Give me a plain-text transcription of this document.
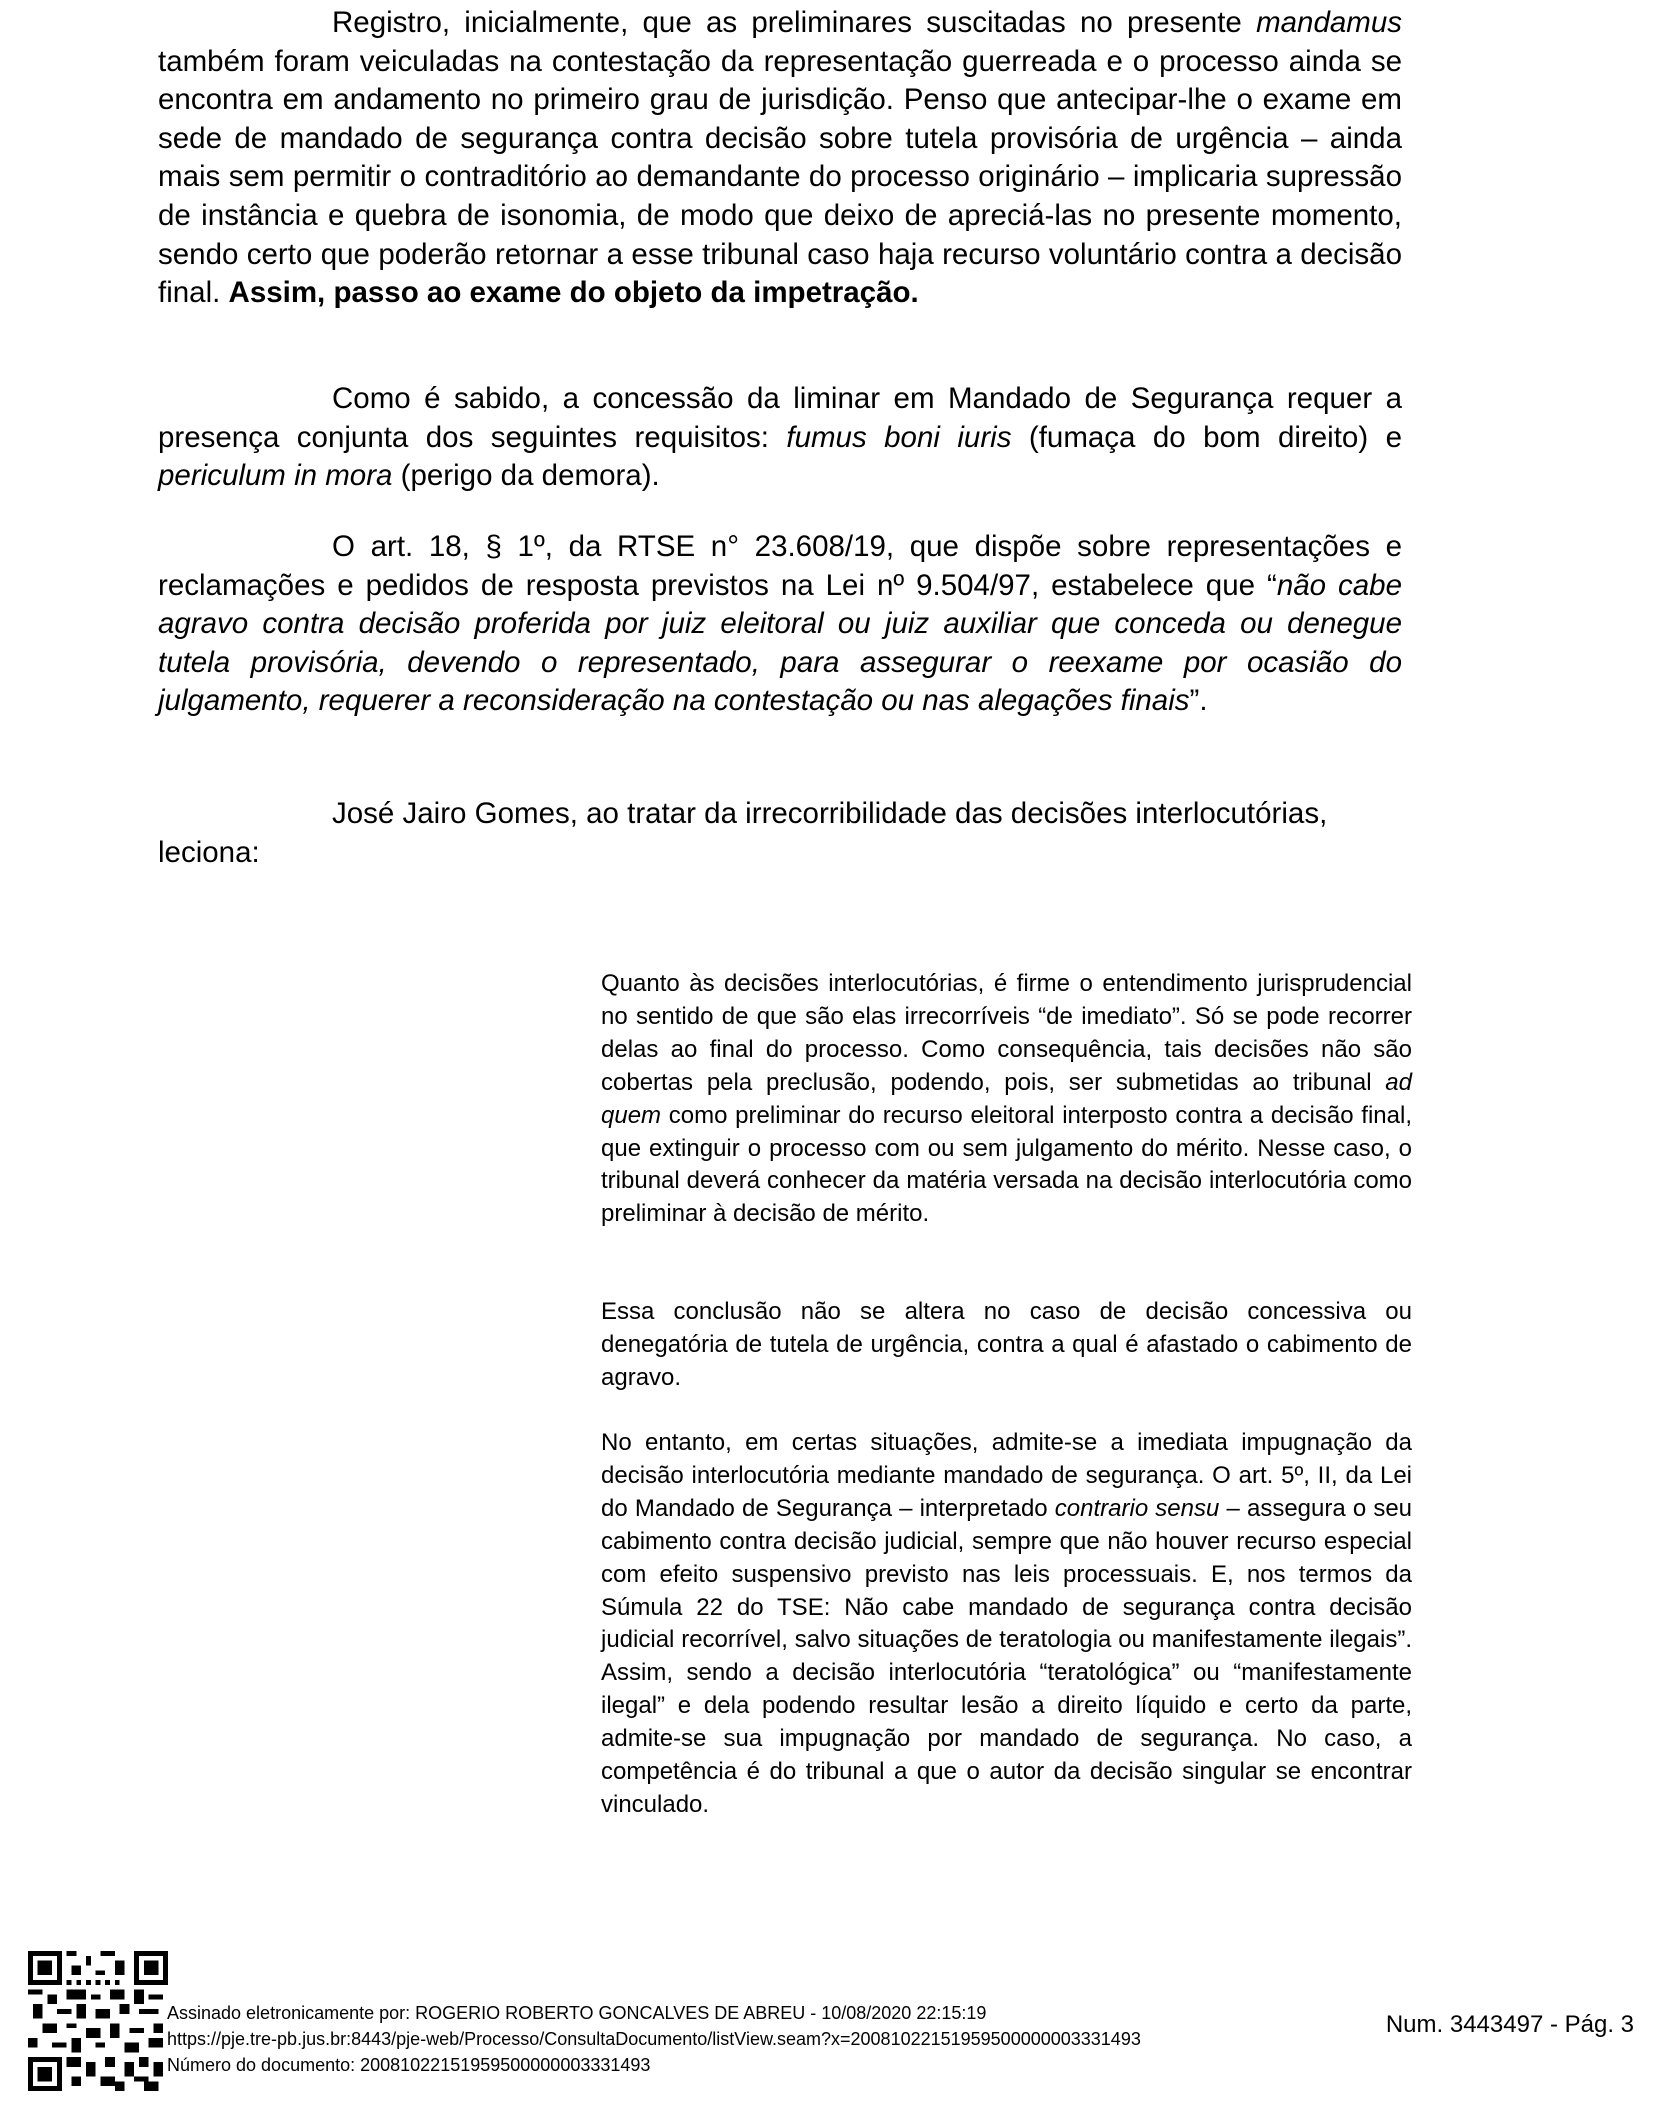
Registro, inicialmente, que as preliminares suscitadas no presente mandamus também foram veiculadas na contestação da representação guerreada e o processo ainda se encontra em andamento no primeiro grau de jurisdição. Penso que antecipar-lhe o exame em sede de mandado de segurança contra decisão sobre tutela provisória de urgência – ainda mais sem permitir o contraditório ao demandante do processo originário – implicaria supressão de instância e quebra de isonomia, de modo que deixo de apreciá-las no presente momento, sendo certo que poderão retornar a esse tribunal caso haja recurso voluntário contra a decisão final. Assim, passo ao exame do objeto da impetração.

Como é sabido, a concessão da liminar em Mandado de Segurança requer a presença conjunta dos seguintes requisitos: fumus boni iuris (fumaça do bom direito) e periculum in mora (perigo da demora).

O art. 18, § 1º, da RTSE n° 23.608/19, que dispõe sobre representações e reclamações e pedidos de resposta previstos na Lei nº 9.504/97, estabelece que “não cabe agravo contra decisão proferida por juiz eleitoral ou juiz auxiliar que conceda ou denegue tutela provisória, devendo o representado, para assegurar o reexame por ocasião do julgamento, requerer a reconsideração na contestação ou nas alegações finais”.

José Jairo Gomes, ao tratar da irrecorribilidade das decisões interlocutórias,

leciona:

Quanto às decisões interlocutórias, é firme o entendimento jurisprudencial no sentido de que são elas irrecorríveis “de imediato”. Só se pode recorrer delas ao final do processo. Como consequência, tais decisões não são cobertas pela preclusão, podendo, pois, ser submetidas ao tribunal ad quem como preliminar do recurso eleitoral interposto contra a decisão final, que extinguir o processo com ou sem julgamento do mérito. Nesse caso, o tribunal deverá conhecer da matéria versada na decisão interlocutória como preliminar à decisão de mérito.

Essa conclusão não se altera no caso de decisão concessiva ou denegatória de tutela de urgência, contra a qual é afastado o cabimento de agravo.

No entanto, em certas situações, admite-se a imediata impugnação da decisão interlocutória mediante mandado de segurança. O art. 5º, II, da Lei do Mandado de Segurança – interpretado contrario sensu – assegura o seu cabimento contra decisão judicial, sempre que não houver recurso especial com efeito suspensivo previsto nas leis processuais. E, nos termos da Súmula 22 do TSE: Não cabe mandado de segurança contra decisão judicial recorrível, salvo situações de teratologia ou manifestamente ilegais”. Assim, sendo a decisão interlocutória “teratológica” ou “manifestamente ilegal” e dela podendo resultar lesão a direito líquido e certo da parte, admite-se sua impugnação por mandado de segurança. No caso, a competência é do tribunal a que o autor da decisão singular se encontrar vinculado.

Assinado eletronicamente por: ROGERIO ROBERTO GONCALVES DE ABREU - 10/08/2020 22:15:19
https://pje.tre-pb.jus.br:8443/pje-web/Processo/ConsultaDocumento/listView.seam?x=20081022151959500000003331493
Número do documento: 20081022151959500000003331493
Num. 3443497 - Pág. 3
